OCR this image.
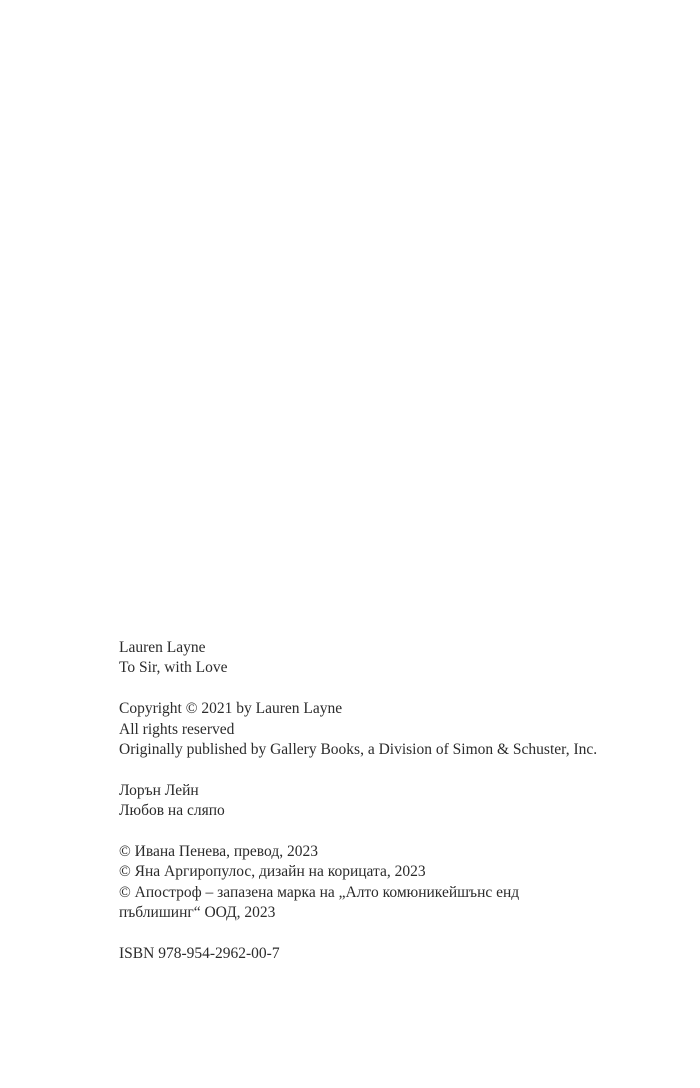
Lauren Layne
To Sir, with Love
Copyright © 2021 by Lauren Layne
All rights reserved
Originally published by Gallery Books, a Division of Simon & Schuster, Inc.
Лорън Лейн
Любов на сляпо
© Ивана Пенева, превод, 2023
© Яна Аргиропулос, дизайн на корицата, 2023
© Апостроф – запазена марка на „Алто комюникейшънс енд
пъблишинг“ ООД, 2023
ISBN 978-954-2962-00-7
